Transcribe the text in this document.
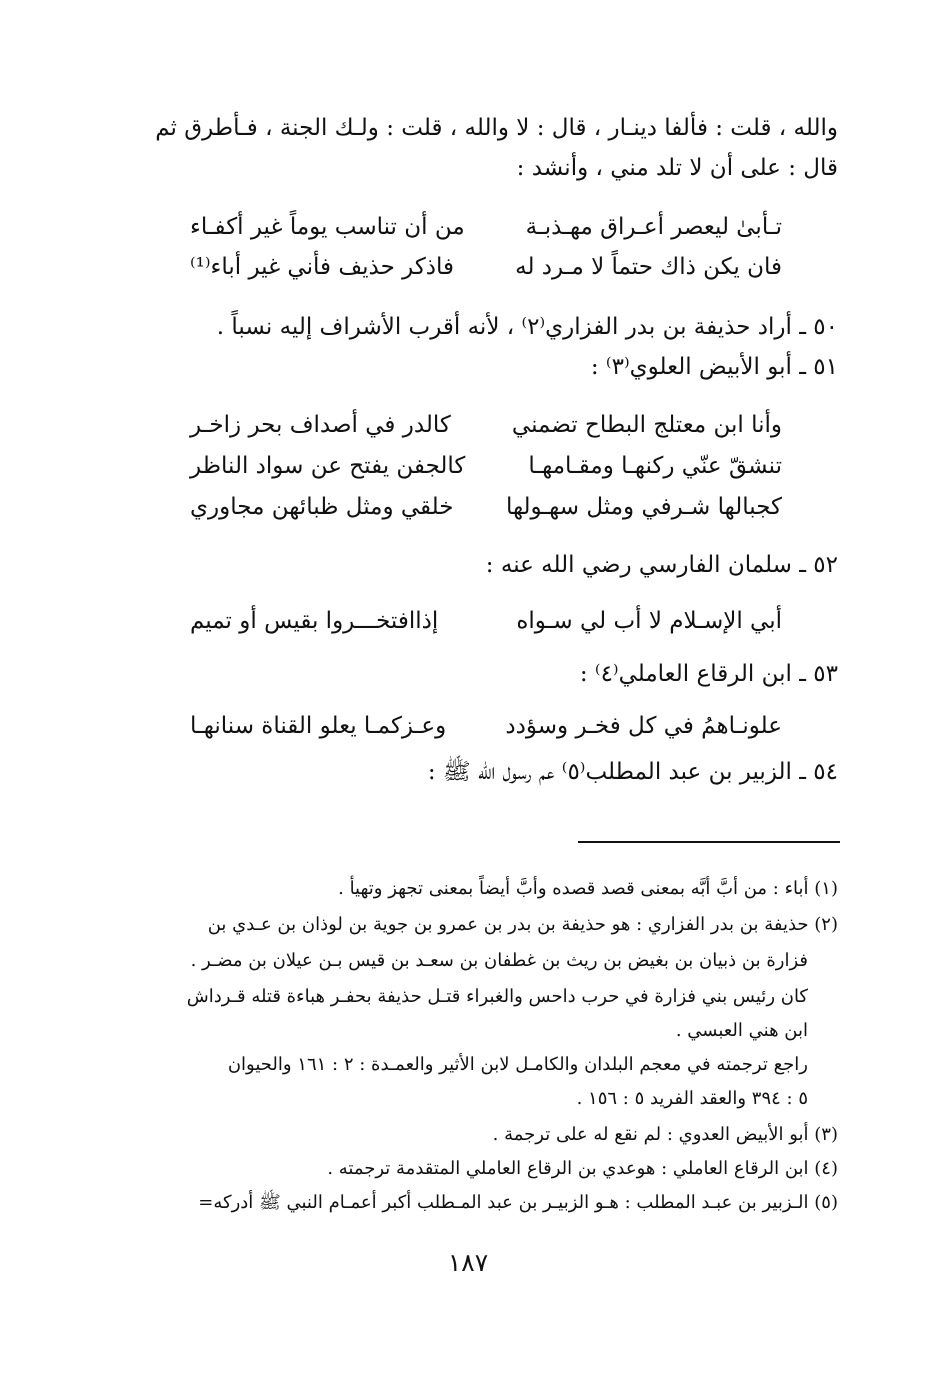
والله ، قلت : فألفا دينـار ، قال : لا والله ، قلت : ولـك الجنة ، فـأطرق ثم
قال : على أن لا تلد مني ، وأنشد :
تـأبىٰ ليعصر أعـراق مهـذبـة
من أن تناسب يوماً غير أكفـاء
فان يكن ذاك حتماً لا مـرد له
فاذكر حذيف فأني غير أباء⁽¹⁾
٥٠ ـ أراد حذيفة بن بدر الفزاري⁽٢⁾ ، لأنه أقرب الأشراف إليه نسباً .
٥١ ـ أبو الأبيض العلوي⁽٣⁾ :
وأنا ابن معتلج البطاح تضمني
كالدر في أصداف بحر زاخـر
تنشقّ عنّي ركنهـا ومقـامهـا
كالجفن يفتح عن سواد الناظر
كجبالها شـرفي ومثل سهـولها
خلقي ومثل ظبائهن مجاوري
٥٢ ـ سلمان الفارسي رضي الله عنه :
أبي الإسـلام لا أب لي سـواه
إذاافتخـــروا بقيس أو تميم
٥٣ ـ ابن الرقاع العاملي⁽٤⁾ :
علونـاهمُ في كل فخـر وسؤدد
وعـزكمـا يعلو القناة سنانهـا
٥٤ ـ الزبير بن عبد المطلب⁽٥⁾ عم رسول الله ﷺ :
(١) أباء : من أبَّ أبَّه بمعنى قصد قصده وأبَّ أيضاً بمعنى تجهز وتهيأ .
(٢) حذيفة بن بدر الفزاري : هو حذيفة بن بدر بن عمرو بن جوية بن لوذان بن عـدي بن
فزارة بن ذبيان بن بغيض بن ريث بن غطفان بن سعـد بن قيس بـن عيلان بن مضـر .
كان رئيس بني فزارة في حرب داحس والغبراء قتـل حذيفة بحفـر هباءة قتله قـرداش
ابن هني العبسي .
راجع ترجمته في معجم البلدان والكامـل لابن الأثير والعمـدة : ٢ : ١٦١ والحيوان
٥ : ٣٩٤ والعقد الفريد ٥ : ١٥٦ .
(٣) أبو الأبيض العدوي : لم نقع له على ترجمة .
(٤) ابن الرقاع العاملي : هوعدي بن الرقاع العاملي المتقدمة ترجمته .
(٥) الـزبير بن عبـد المطلب : هـو الزبيـر بن عبد المـطلب أكبر أعمـام النبي ﷺ أدركه=
١٨٧
